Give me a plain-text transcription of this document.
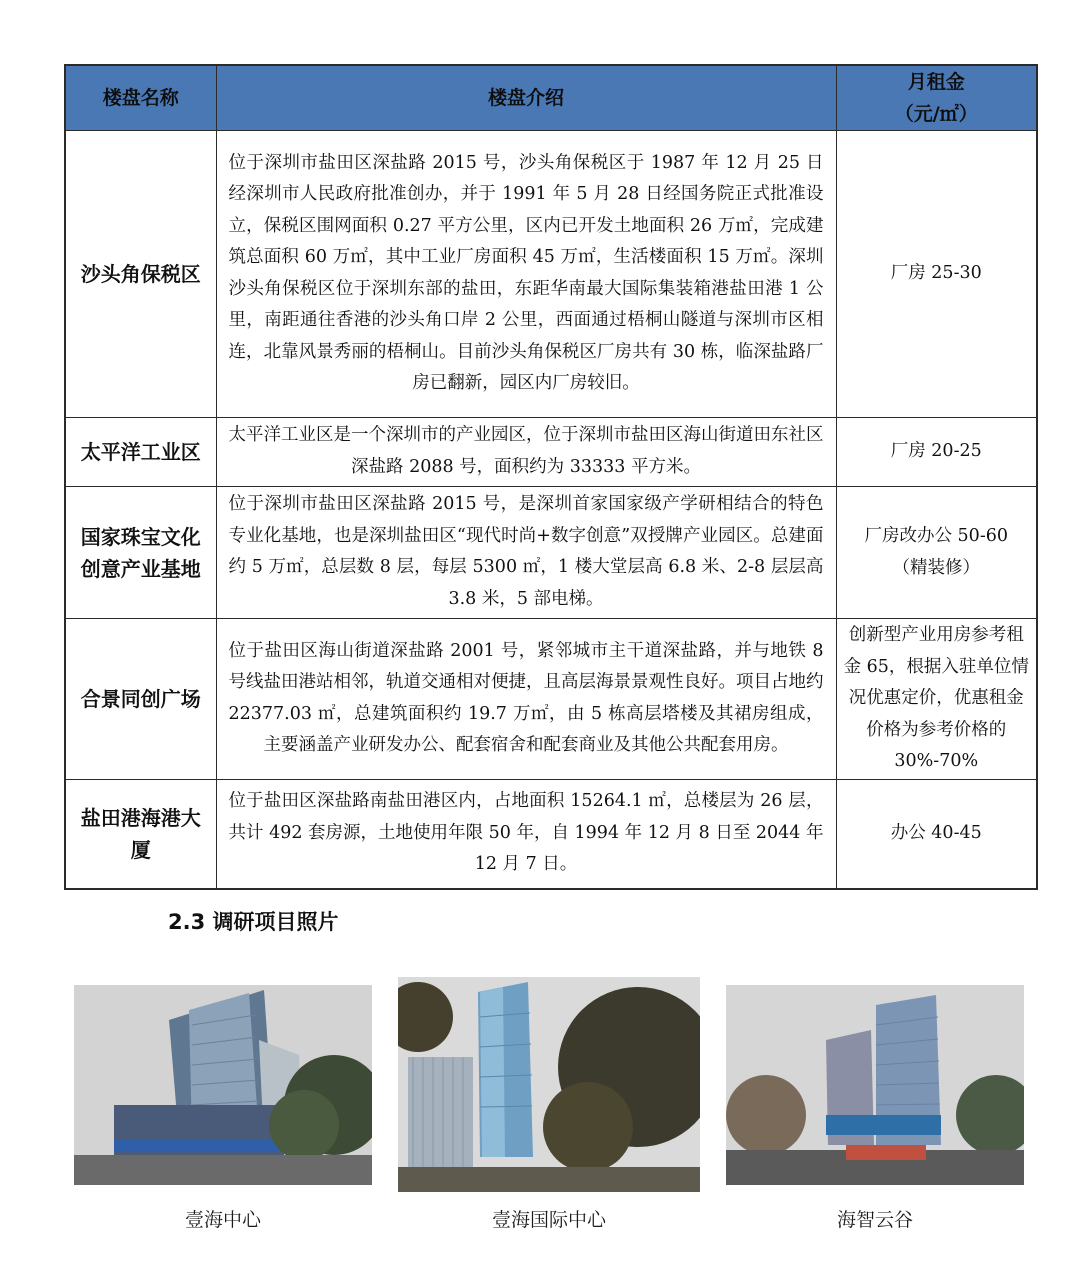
楼盘名称	楼盘介绍	月租金
（元/㎡）
沙头角保税区	位于深圳市盐田区深盐路 2015 号，沙头角保税区于 1987 年 12 月 25 日经深圳市人民政府批准创办，并于 1991 年 5 月 28 日经国务院正式批准设立，保税区围网面积 0.27 平方公里，区内已开发土地面积 26 万㎡，完成建筑总面积 60 万㎡，其中工业厂房面积 45 万㎡，生活楼面积 15 万㎡。深圳沙头角保税区位于深圳东部的盐田，东距华南最大国际集装箱港盐田港 1 公里，南距通往香港的沙头角口岸 2 公里，西面通过梧桐山隧道与深圳市区相连，北靠风景秀丽的梧桐山。目前沙头角保税区厂房共有 30 栋，临深盐路厂房已翻新，园区内厂房较旧。	厂房 25-30
太平洋工业区	太平洋工业区是一个深圳市的产业园区，位于深圳市盐田区海山街道田东社区深盐路 2088 号，面积约为 33333 平方米。	厂房 20-25
国家珠宝文化创意产业基地	位于深圳市盐田区深盐路 2015 号，是深圳首家国家级产学研相结合的特色专业化基地，也是深圳盐田区“现代时尚+数字创意”双授牌产业园区。总建面约 5 万㎡，总层数 8 层，每层 5300 ㎡，1 楼大堂层高 6.8 米、2-8 层层高 3.8 米，5 部电梯。	厂房改办公 50-60（精装修）
合景同创广场	位于盐田区海山街道深盐路 2001 号，紧邻城市主干道深盐路，并与地铁 8 号线盐田港站相邻，轨道交通相对便捷，且高层海景景观性良好。项目占地约 22377.03 ㎡，总建筑面积约 19.7 万㎡，由 5 栋高层塔楼及其裙房组成，主要涵盖产业研发办公、配套宿舍和配套商业及其他公共配套用房。	创新型产业用房参考租金 65，根据入驻单位情况优惠定价，优惠租金价格为参考价格的 30%-70%
盐田港海港大厦	位于盐田区深盐路南盐田港区内，占地面积 15264.1 ㎡，总楼层为 26 层，共计 492 套房源，土地使用年限 50 年，自 1994 年 12 月 8 日至 2044 年 12 月 7 日。	办公 40-45
2.3 调研项目照片
壹海中心	壹海国际中心	海智云谷
